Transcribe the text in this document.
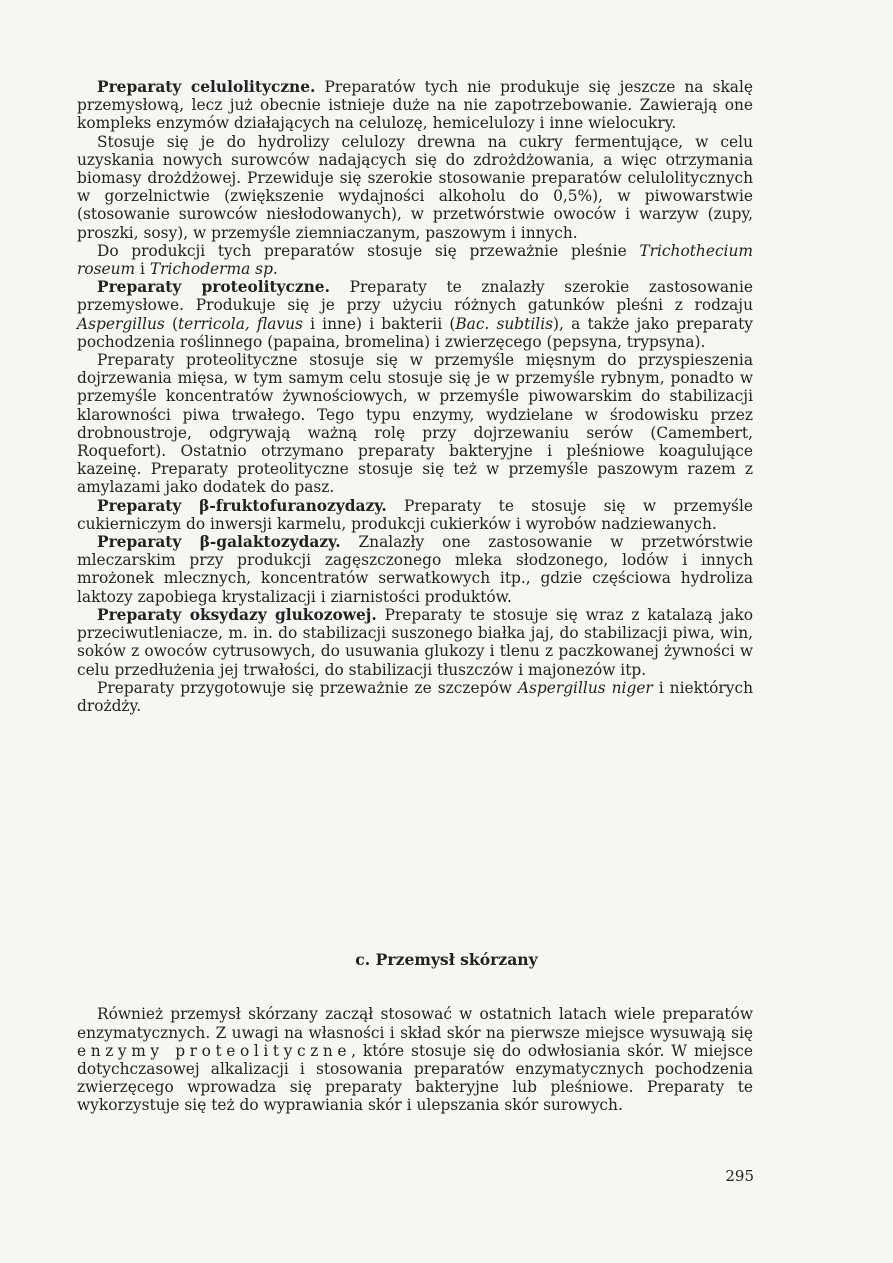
Preparaty celulolityczne. Preparatów tych nie produkuje się jeszcze na skalę przemysłową, lecz już obecnie istnieje duże na nie zapotrzebowanie. Zawierają one kompleks enzymów działających na celulozę, hemicelulozy i inne wielocukry.

Stosuje się je do hydrolizy celulozy drewna na cukry fermentujące, w celu uzyskania nowych surowców nadających się do zdrożdżowania, a więc otrzymania biomasy drożdżowej. Przewiduje się szerokie stosowanie preparatów celulolitycznych w gorzelnictwie (zwiększenie wydajności alkoholu do 0,5%), w piwowarstwie (stosowanie surowców niesłodowanych), w przetwórstwie owoców i warzyw (zupy, proszki, sosy), w przemyśle ziemniaczanym, paszowym i innych.

Do produkcji tych preparatów stosuje się przeważnie pleśnie Trichothecium roseum i Trichoderma sp.

Preparaty proteolityczne. Preparaty te znalazły szerokie zastosowanie przemysłowe. Produkuje się je przy użyciu różnych gatunków pleśni z rodzaju Aspergillus (terricola, flavus i inne) i bakterii (Bac. subtilis), a także jako preparaty pochodzenia roślinnego (papaina, bromelina) i zwierzęcego (pepsyna, trypsyna).

Preparaty proteolityczne stosuje się w przemyśle mięsnym do przyspieszenia dojrzewania mięsa, w tym samym celu stosuje się je w przemyśle rybnym, ponadto w przemyśle koncentratów żywnościowych, w przemyśle piwowarskim do stabilizacji klarowności piwa trwałego. Tego typu enzymy, wydzielane w środowisku przez drobnoustroje, odgrywają ważną rolę przy dojrzewaniu serów (Camembert, Roquefort). Ostatnio otrzymano preparaty bakteryjne i pleśniowe koagulujące kazeinę. Preparaty proteolityczne stosuje się też w przemyśle paszowym razem z amylazami jako dodatek do pasz.

Preparaty β-fruktofuranozydazy. Preparaty te stosuje się w przemyśle cukierniczym do inwersji karmelu, produkcji cukierków i wyrobów nadziewanych.

Preparaty β-galaktozydazy. Znalazły one zastosowanie w przetwórstwie mleczarskim przy produkcji zagęszczonego mleka słodzonego, lodów i innych mrożonek mlecznych, koncentratów serwatkowych itp., gdzie częściowa hydroliza laktozy zapobiega krystalizacji i ziarnistości produktów.

Preparaty oksydazy glukozowej. Preparaty te stosuje się wraz z katalazą jako przeciwutleniacze, m. in. do stabilizacji suszonego białka jaj, do stabilizacji piwa, win, soków z owoców cytrusowych, do usuwania glukozy i tlenu z paczkowanej żywności w celu przedłużenia jej trwałości, do stabilizacji tłuszczów i majonezów itp.

Preparaty przygotowuje się przeważnie ze szczepów Aspergillus niger i niektórych drożdży.

c. Przemysł skórzany

Również przemysł skórzany zaczął stosować w ostatnich latach wiele preparatów enzymatycznych. Z uwagi na własności i skład skór na pierwsze miejsce wysuwają się enzymy proteolityczne, które stosuje się do odwłosiania skór. W miejsce dotychczasowej alkalizacji i stosowania preparatów enzymatycznych pochodzenia zwierzęcego wprowadza się preparaty bakteryjne lub pleśniowe. Preparaty te wykorzystuje się też do wyprawiania skór i ulepszania skór surowych.

295
